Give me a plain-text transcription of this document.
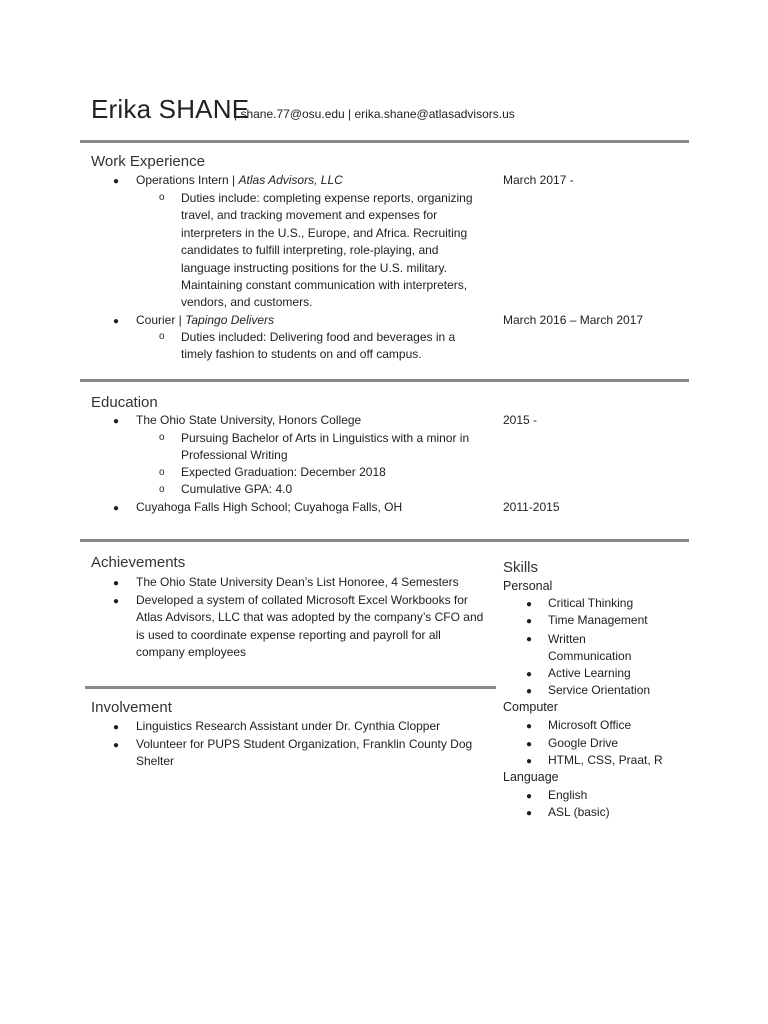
Erika SHANE
| shane.77@osu.edu | erika.shane@atlasadvisors.us
Work Experience
● Operations Intern | Atlas Advisors, LLC	March 2017 -
o Duties include: completing expense reports, organizing travel, and tracking movement and expenses for interpreters in the U.S., Europe, and Africa. Recruiting candidates to fulfill interpreting, role-playing, and language instructing positions for the U.S. military. Maintaining constant communication with interpreters, vendors, and customers.
● Courier | Tapingo Delivers	March 2016 – March 2017
o Duties included: Delivering food and beverages in a timely fashion to students on and off campus.
Education
● The Ohio State University, Honors College	2015 -
o Pursuing Bachelor of Arts in Linguistics with a minor in Professional Writing
o Expected Graduation: December 2018
o Cumulative GPA: 4.0
● Cuyahoga Falls High School; Cuyahoga Falls, OH	2011-2015
Achievements
● The Ohio State University Dean’s List Honoree, 4 Semesters
● Developed a system of collated Microsoft Excel Workbooks for Atlas Advisors, LLC that was adopted by the company’s CFO and is used to coordinate expense reporting and payroll for all company employees
Involvement
● Linguistics Research Assistant under Dr. Cynthia Clopper
● Volunteer for PUPS Student Organization, Franklin County Dog Shelter
Skills
Personal
● Critical Thinking
● Time Management
● Written Communication
● Active Learning
● Service Orientation
Computer
● Microsoft Office
● Google Drive
● HTML, CSS, Praat, R
Language
● English
● ASL (basic)
